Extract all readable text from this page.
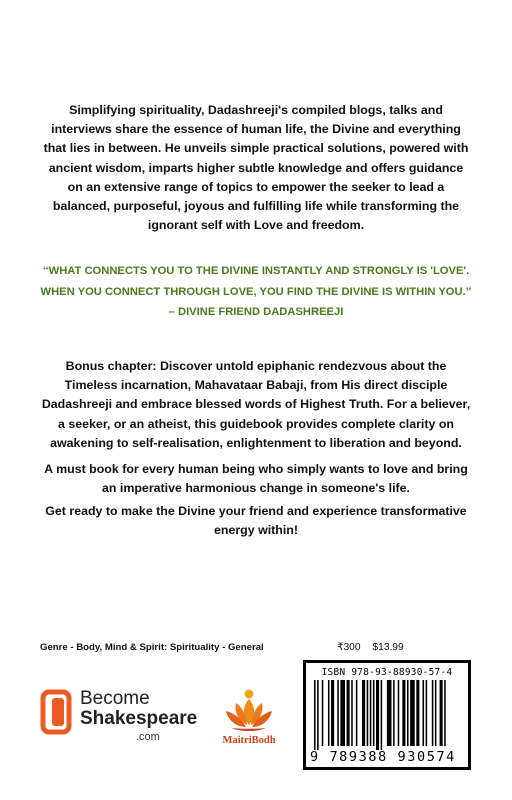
Simplifying spirituality, Dadashreeji's compiled blogs, talks and interviews share the essence of human life, the Divine and everything that lies in between. He unveils simple practical solutions, powered with ancient wisdom, imparts higher subtle knowledge and offers guidance on an extensive range of topics to empower the seeker to lead a balanced, purposeful, joyous and fulfilling life while transforming the ignorant self with Love and freedom.
‘‘WHAT CONNECTS YOU TO THE DIVINE INSTANTLY AND STRONGLY IS 'LOVE'. WHEN YOU CONNECT THROUGH LOVE, YOU FIND THE DIVINE IS WITHIN YOU.’’
– DIVINE FRIEND DADASHREEJI
Bonus chapter: Discover untold epiphanic rendezvous about the Timeless incarnation, Mahavataar Babaji, from His direct disciple Dadashreeji and embrace blessed words of Highest Truth. For a believer, a seeker, or an atheist, this guidebook provides complete clarity on awakening to self-realisation, enlightenment to liberation and beyond.
A must book for every human being who simply wants to love and bring an imperative harmonious change in someone's life.
Get ready to make the Divine your friend and experience transformative energy within!
Genre - Body, Mind & Spirit: Spirituality - General	₹300 $13.99
ISBN 978-93-88930-57-4
9 789388 930574
Become
Shakespeare
.com	MaitriBodh
